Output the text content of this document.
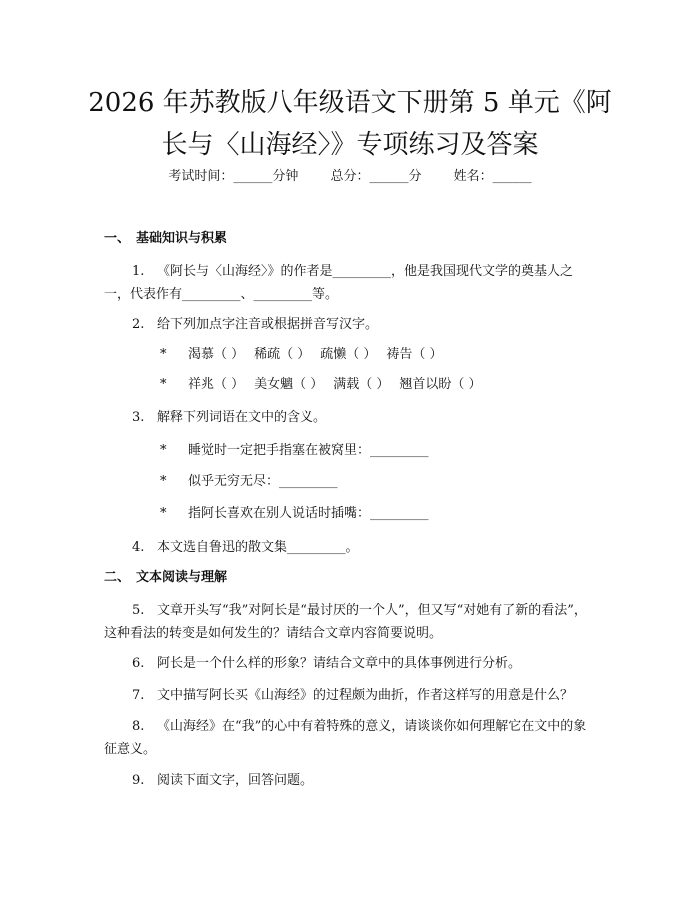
2026 年苏教版八年级语文下册第 5 单元《阿
长与〈山海经〉》专项练习及答案
考试时间：______分钟 总分：______分 姓名：______
一、 基础知识与积累
1. 《阿长与〈山海经〉》的作者是_________，他是我国现代文学的奠基人之一，代表作有_________、_________等。
2. 给下列加点字注音或根据拼音写汉字。
* 渴慕（ ） 稀疏（ ） 疏懒（ ） 祷告（ ）
* 祥兆（ ） 美女魑（ ） 满载（ ） 翘首以盼（ ）
3. 解释下列词语在文中的含义。
* 睡觉时一定把手指塞在被窝里：_________
* 似乎无穷无尽：_________
* 指阿长喜欢在别人说话时插嘴：_________
4. 本文选自鲁迅的散文集_________。
二、 文本阅读与理解
5. 文章开头写“我”对阿长是“最讨厌的一个人”，但又写“对她有了新的看法”，这种看法的转变是如何发生的？请结合文章内容简要说明。
6. 阿长是一个什么样的形象？请结合文章中的具体事例进行分析。
7. 文中描写阿长买《山海经》的过程颇为曲折，作者这样写的用意是什么？
8. 《山海经》在“我”的心中有着特殊的意义，请谈谈你如何理解它在文中的象征意义。
9. 阅读下面文字，回答问题。
